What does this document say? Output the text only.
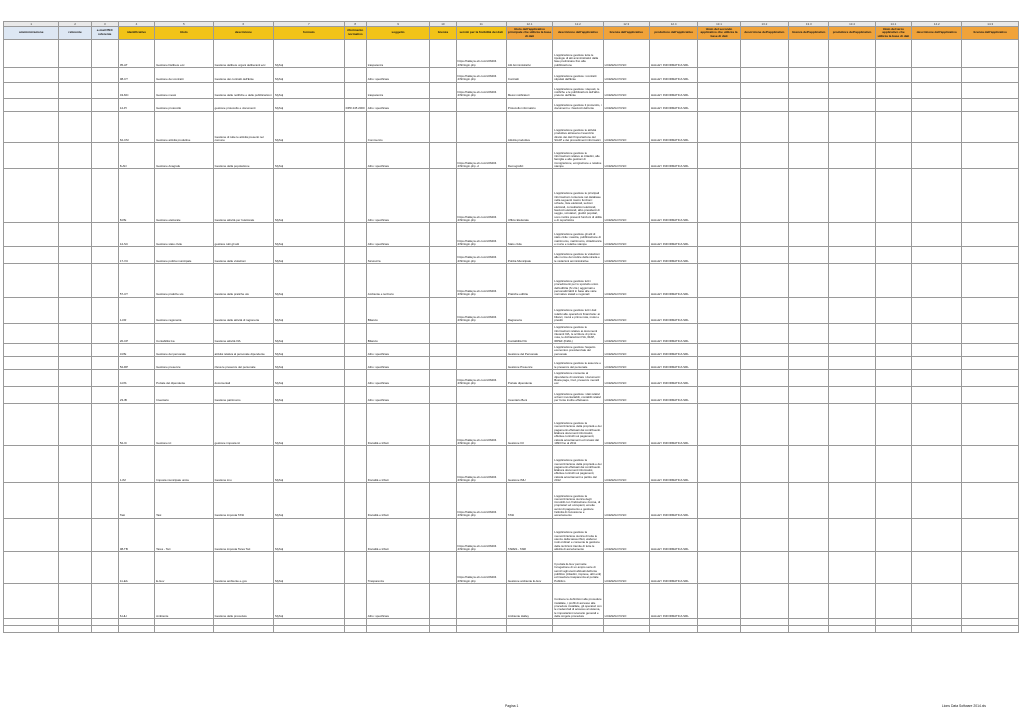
1	2	3	4	5	6	7	8	9	10	11	12.1	12.2	12.3	12.4	13.1	13.2	13.3	13.4	14.1	14.2	14.3
amministrazione	referente	e-mail PEC referente	identificativo	titolo	descrizione	formato	riferimento normativo	soggetto	licenza	servizi per la fruibilità dei dati	titolo dell'applicativo principale che utilizza la base di dati	descrizione dell'applicativo	licenza dell'applicativo	produttore dell'applicativo	titolo del secondo applicativo che utilizza la base di dati	descrizione dell'applicativo	licenza dell'applicativo	produttore dell'applicativo	titolo del terzo applicativo che utilizza la base di dati	descrizione dell'applicativo	licenza dell'applicativo
			05-AT	Gestione Delibere ecc	Gestione delibere organi deliberanti ecc	MySql		trasparenza		https://halleyw eb.com/c06404 4/hh/login.php	Atti Amministrativi	L'applicazione gestisce tutte le tipologie di atti amministrativi dalla fase preliminare fino alla pubblicazione	LICENZA D'USO	HALLEY INFORMATICA SRL							
			08-CT	Gestione dei contratti	Gestione dei contratti dell'Ente	MySql		Altro: specificare		https://halleyw eb.com/c06404 4/hh/login.php	Contratti	L'applicazione gestisce i contratti stipulati dall'Ente	LICENZA D'USO	HALLEY INFORMATICA SRL							
			43-MC	Gestione messi	Gestione delle notifiche e delle pubblicazioni	MySql		trasparenza		https://halleyw eb.com/c06404 4/hh/login.php	Messi notificatori	L'applicazione gestisce i deposit, le notifiche e le pubblicazioni dell'albo pretorio dell'Ente	LICENZA D'USO	HALLEY INFORMATICA SRL							
			12-PI	Gestione protocollo	gestione protocollo e documenti	MySql	DPR 445 2000	Altro: specificare			Protocollo informatico	L'applicazione gestisce il protocollo, i documenti e i fascicoli dell'ente	LICENZA D'USO	HALLEY INFORMATICA SRL							
			62-CM	Gestione attività produttive	Gestione di tutte le attività presenti nel comune	MySql		Commercio			Attività produttive	L'applicazione gestisce le attività produttive attraverso l'esercizio diretto dei dati l'importazione del SUAP e dei procedimenti informatici	LICENZA D'USO	HALLEY INFORMATICA SRL							
			8-AN	Gestione Anagrafe	Gestione della popolazione	MySql		Altro: specificare		https://halleyw eb.com/c06404 4/hh/login.php -2	Demografici	L'applicazione gestisce le informazioni relative ai cittadini, alle famiglie e alle gestioni di immigrazione, emigrazione e relative stampe	LICENZA D'USO	HALLEY INFORMATICA SRL							
			8-PE	Gestione elettorale	Gestione attività per l'elettorale	MySql		Altro: specificare		https://halleyw eb.com/c06404 4/hh/login.php	Ufficio Elettorale	L'applicazione gestisce le principali informazioni contenute nel database nella seguenti macro funzioni: schede, liste elettorali, sezioni elettorali, consultazioni elettorali, fascicoli elettorali, albo presidenti di seggio, scrutatori, giudici popolari, sono inoltre presenti funzioni di utilità e di reportistica	LICENZA D'USO	HALLEY INFORMATICA SRL							
			12-SC	Gestione stato civile	gestisce tutti gli atti	MySql		Altro: specificare		https://halleyw eb.com/c06404 4/hh/login.php	Stato civile	L'applicazione gestisce gli atti di stato civile: nascita, pubblicazione di matrimonio, matrimonio, cittadinanza e morte e relative stampe	LICENZA D'USO	HALLEY INFORMATICA SRL							
			17-VU	Gestione polizia municipale	Gestione delle violazioni	MySql		Sicurezza		https://halleyw eb.com/c06404 4/hh/login.php	Polizia Municipale	L'applicazione gestisce le violazioni alle norme del codice della strada e le violazioni amministrative	LICENZA D'USO	HALLEY INFORMATICA SRL							
			57-UT	Gestione pratiche uts	Gestione delle pratiche uts	MySql		Ambiente e territorio		https://halleyw eb.com/c06404 4/hh/login.php	Pratiche edilizie	L'applicazione gestisce tutti i procedimenti per lo sportello unico dell'edilizia (S.U.E.) aggiornati e personalizzabili in base alle varie normative statali e regionali	LICENZA D'USO	HALLEY INFORMATICA SRL							
			1-FR	Gestione ragioneria	Gestione delle attività di ragioneria	MySql		Bilancio		https://halleyw eb.com/c06404 4/hh/login.php	Ragioneria	L'applicazione gestisce tutti i dati relativi alle operazioni finanziarie: ai bilanci, mutui e prima nota, mutui e prestiti	LICENZA D'USO	HALLEY INFORMATICA SRL							
			20-CP	Contabilità Iva	Gestione attività IVA	MySql		Bilancio			Contabilità IVA	L'applicazione gestisce le informazioni relative ai documenti rilevanti IVA, le scritture di prima nota, le dichiarazioni IVA, IRAP, IRPEF (INAIL)	LICENZA D'USO	HALLEY INFORMATICA SRL							
			3-PE	Gestione del personale	attività relativa al personale dipendente	MySql		Altro: specificare			Gestione del Personale	L'applicazione gestisce l'aspetto economico previdenziale del personale	LICENZA D'USO	HALLEY INFORMATICA SRL							
			52-RP	Gestione presenze	rileva le presenze del personale	MySql		Altro: specificare			Gestione Presenze	L'applicazione gestisce le assenze e le presenze del personale	LICENZA D'USO	HALLEY INFORMATICA SRL							
			4-DS	Portale del dipendente	documentali	MySql		Altro: specificare		https://halleyw eb.com/c06404 4/hh/login.php	Portale dipendente	L'applicazione consente al dipendente di scaricare i documenti: Busta paga, Cud, presenze mensili ecc	LICENZA D'USO	HALLEY INFORMATICA SRL							
			23-IB	Inventario	Gestione patrimonio	MySql		Altro: specificare			Inventario Beni	L'applicazione gestisce i dati relativi ai beni inventariabili, contabili relativi per l'ente inoltre effettuano	LICENZA D'USO	HALLEY INFORMATICA SRL							
			52-IC	Gestione ici	gestione imposta ici	MySql		Fiscalità e tributi		https://halleyw eb.com/c06404 4/hh/login.php	Gestione ICI	L'applicazione gestisce la memorizzazione della proprietà e dei pagamenti effettuati dai contribuenti. Elabora documenti informativi, effettua controlli sui pagamenti, calcola accertamenti ed incassi dal 1993 fino al 2011	LICENZA D'USO	HALLEY INFORMATICA SRL							
			1-IM	Imposta municipale unica	Gestione imu	MySql		Fiscalità e tributi		https://halleyw eb.com/c06404 4/hh/login.php	Gestione IMU	L'applicazione gestisce la memorizzazione della proprietà e dei pagamenti effettuati dai contribuenti. Elabora documenti informativi, effettua controlli sui pagamenti, calcola accertamenti a partire dal 2012	LICENZA D'USO	HALLEY INFORMATICA SRL							
			Tasi	Tasi	Gestione imposta TASI	MySql		Fiscalità e tributi		https://halleyw eb.com/c06404 4/hh/login.php	TASI	L'applicazione gestisce la memorizzazione storica degli immobili con l'indicazione ricorsa, di proprietari ed occupanti, emette avvisi di pagamento e gestisce l'attività di riscossione e accertamento	LICENZA D'USO	HALLEY INFORMATICA SRL							
			08-TB	Tares - Tari	Gestione imposta Tares Tari	MySql		Fiscalità e tributi		https://halleyw eb.com/c06404 4/hh/login.php	TARES - TARI	L'applicazione gestisce la memorizzazione storica di tutte le utenze della tassa rifiuti, elabora i ruoli ordinari e consente la gestione delle iscrizioni tramite di tutte le attività di accertamento	LICENZA D'USO	HALLEY INFORMATICA SRL							
			11-EA	E-Gov	Gestione ambiente e-gov	MySql		Trasparenza		https://halleyw eb.com/c06404 4/hh/login.php	Gestione ambiente E-Gov	Il portale E-Gov permette l'erogazione di un ampio serie di servizi agli utenti abituali dell'ente pubblico (cittadini, imprese, altri enti) ed inserisce trasparenza al portale Pubblico	LICENZA D'USO	HALLEY INFORMATICA SRL							
			6-HH	Ambiente	Gestione delle procedure	MySql		Altro: specificare			Ambiente Halley	Contiene le definizioni alle procedure installate, i profili di accesso alle procedure installate, gli operatori con le credenziali di accesso al sistema, le impostazioni scenario generali e delle singole procedure	LICENZA D'USO	HALLEY INFORMATICA SRL							

Pagina 1	Lions Data Software 2014.xls
